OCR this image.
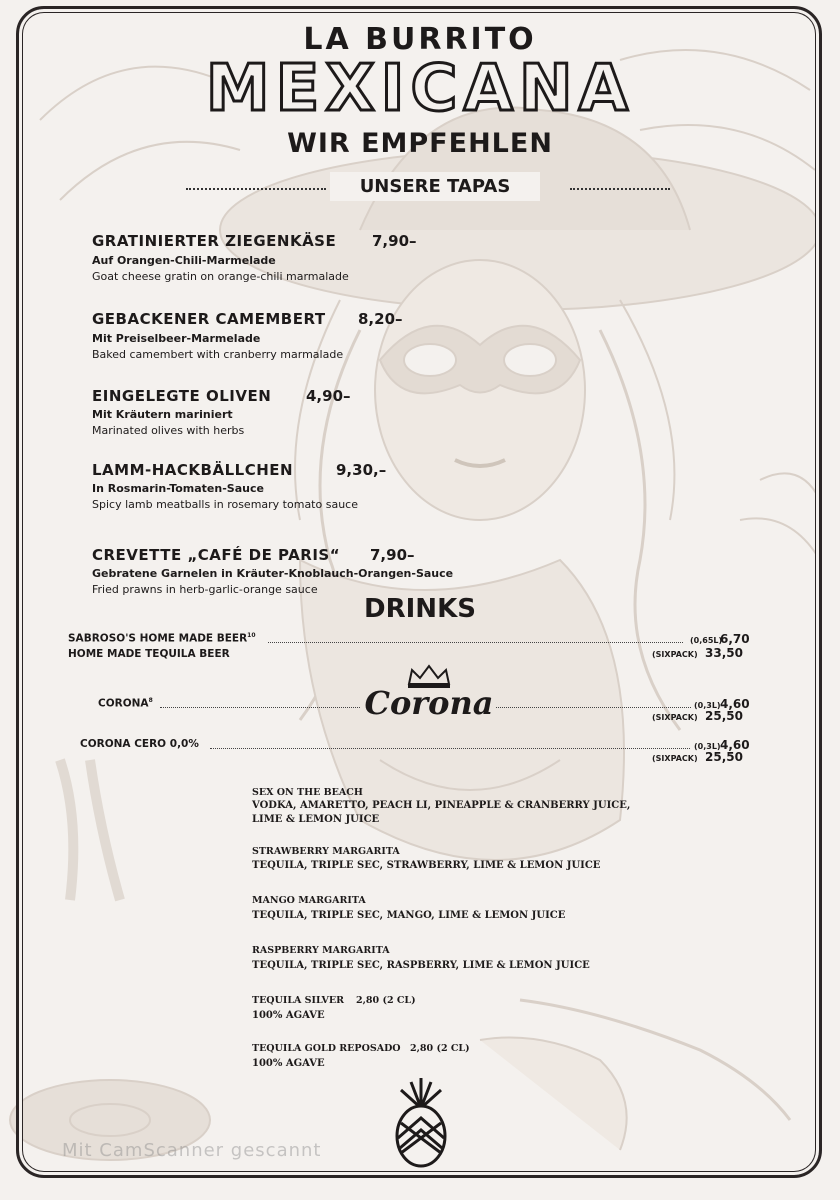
LA BURRITO
MEXICANA
WIR EMPFEHLEN
UNSERE TAPAS
GRATINIERTER ZIEGENKÄSE 7,90–
Auf Orangen-Chili-Marmelade
Goat cheese gratin on orange-chili marmalade
GEBACKENER CAMEMBERT 8,20–
Mit Preiselbeer-Marmelade
Baked camembert with cranberry marmalade
EINGELEGTE OLIVEN 4,90–
Mit Kräutern mariniert
Marinated olives with herbs
LAMM-HACKBÄLLCHEN	9,30,–
In Rosmarin-Tomaten-Sauce
Spicy lamb meatballs in rosemary tomato sauce
CREVETTE „CAFÉ DE PARIS“ 7,90–
Gebratene Garnelen in Kräuter-Knoblauch-Orangen-Sauce
Fried prawns in herb-garlic-orange sauce
DRINKS
SABROSO'S HOME MADE BEER$^{10}$
(0,65L)
6,70
HOME MADE TEQUILA BEER	(SIXPACK) 33,50
CORONA$^8$
(0,3L) 4,60
(SIXPACK) 25,50
CORONA CERO 0,0%	(0,3L) 4,60
(SIXPACK) 25,50
Corona
SEX ON THE BEACH
VODKA, AMARETTO, PEACH LI, PINEAPPLE & CRANBERRY JUICE,
LIME & LEMON JUICE
STRAWBERRY MARGARITA
TEQUILA, TRIPLE SEC, STRAWBERRY, LIME & LEMON JUICE
MANGO MARGARITA
TEQUILA, TRIPLE SEC, MANGO, LIME & LEMON JUICE
RASPBERRY MARGARITA
TEQUILA, TRIPLE SEC, RASPBERRY, LIME & LEMON JUICE
TEQUILA SILVER 2,80 (2 CL)
100% AGAVE
TEQUILA GOLD REPOSADO 2,80 (2 CL)
100% AGAVE
Mit CamScanner gescannt
